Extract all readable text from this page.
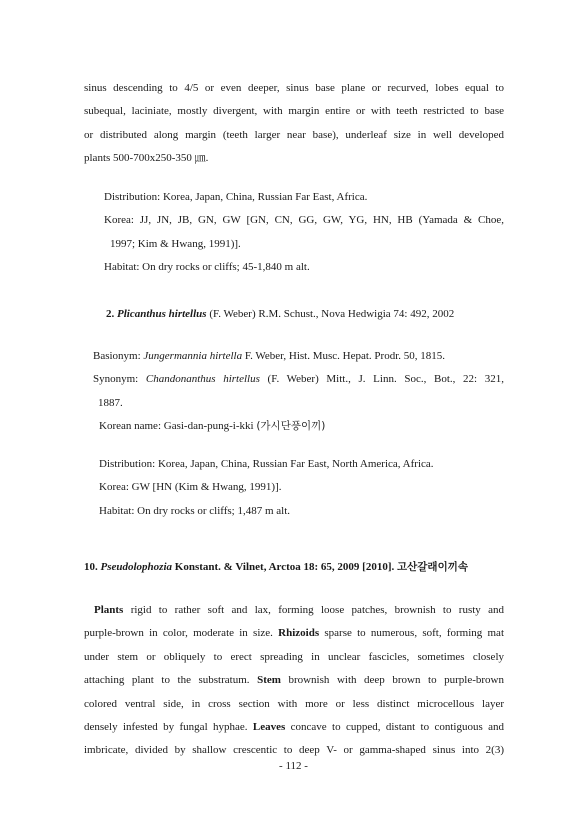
sinus descending to 4/5 or even deeper, sinus base plane or recurved, lobes equal to
subequal, laciniate, mostly divergent, with margin entire or with teeth restricted to base
or distributed along margin (teeth larger near base), underleaf size in well developed
plants 500-700x250-350 ㎛.
Distribution: Korea, Japan, China, Russian Far East, Africa.
Korea: JJ, JN, JB, GN, GW [GN, CN, GG, GW, YG, HN, HB (Yamada & Choe,
1997; Kim & Hwang, 1991)].
Habitat: On dry rocks or cliffs; 45-1,840 m alt.
2. Plicanthus hirtellus (F. Weber) R.M. Schust., Nova Hedwigia 74: 492, 2002
Basionym: Jungermannia hirtella F. Weber, Hist. Musc. Hepat. Prodr. 50, 1815.
Synonym: Chandonanthus hirtellus (F. Weber) Mitt., J. Linn. Soc., Bot., 22: 321,
1887.
Korean name: Gasi-dan-pung-i-kki (가시단풍이끼)
Distribution: Korea, Japan, China, Russian Far East, North America, Africa.
Korea: GW [HN (Kim & Hwang, 1991)].
Habitat: On dry rocks or cliffs; 1,487 m alt.
10. Pseudolophozia Konstant. & Vilnet, Arctoa 18: 65, 2009 [2010]. 고산갈래이끼속
Plants rigid to rather soft and lax, forming loose patches, brownish to rusty and
purple-brown in color, moderate in size. Rhizoids sparse to numerous, soft, forming mat
under stem or obliquely to erect spreading in unclear fascicles, sometimes closely
attaching plant to the substratum. Stem brownish with deep brown to purple-brown
colored ventral side, in cross section with more or less distinct microcellous layer
densely infested by fungal hyphae. Leaves concave to cupped, distant to contiguous and
imbricate, divided by shallow crescentic to deep V- or gamma-shaped sinus into 2(3)
- 112 -
